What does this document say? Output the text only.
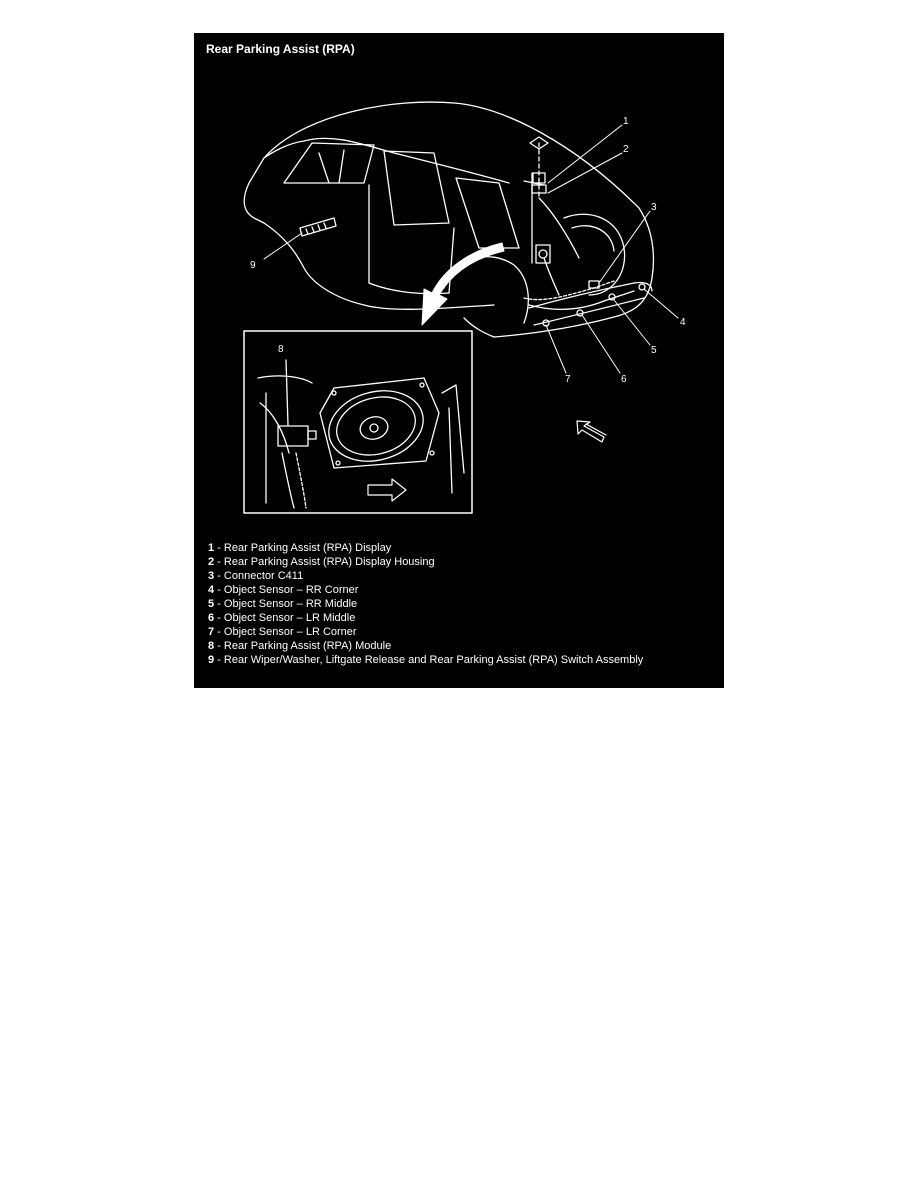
Rear Parking Assist (RPA)
1
2
3
4
5
6
7
8
9
1 - Rear Parking Assist (RPA) Display
2 - Rear Parking Assist (RPA) Display Housing
3 - Connector C411
4 - Object Sensor – RR Corner
5 - Object Sensor – RR Middle
6 - Object Sensor – LR Middle
7 - Object Sensor – LR Corner
8 - Rear Parking Assist (RPA) Module
9 - Rear Wiper/Washer, Liftgate Release and Rear Parking Assist (RPA) Switch Assembly
